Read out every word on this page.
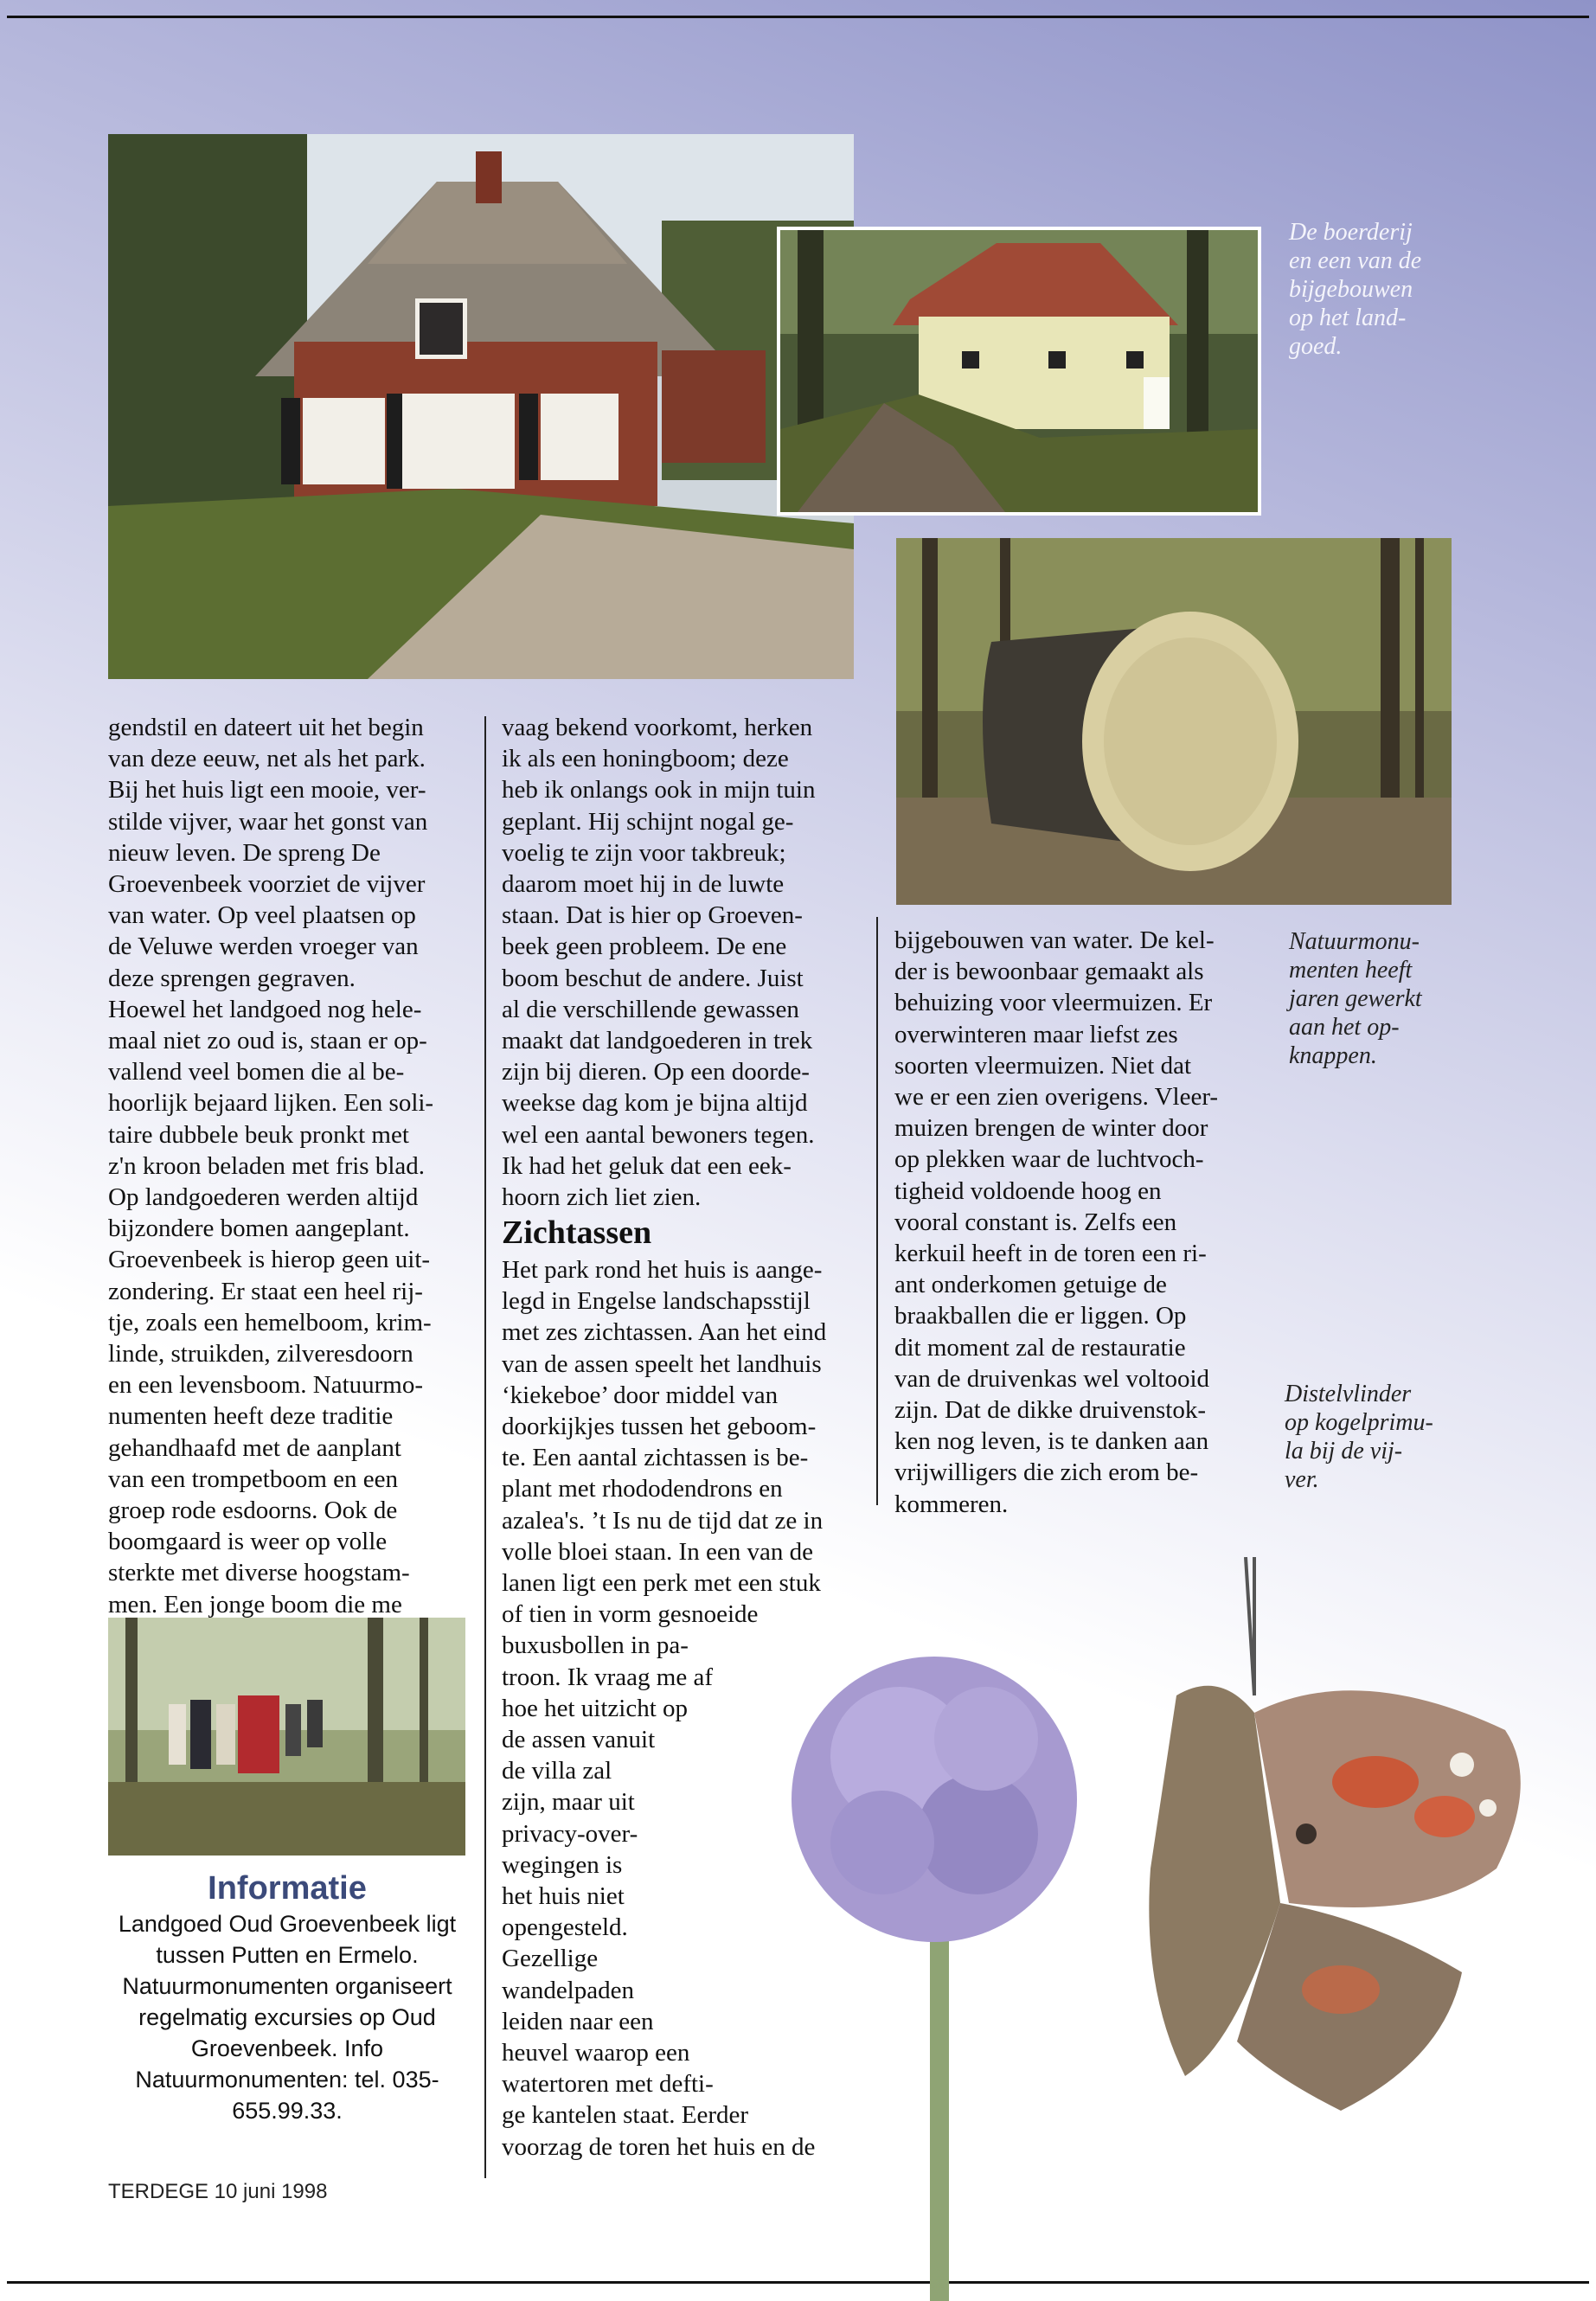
De boerderij
en een van de
bijgebouwen
op het land-
goed.
Natuurmonu-
menten heeft
jaren gewerkt
aan het op-
knappen.
Distelvlinder
op kogelprimu-
la bij de vij-
ver.
gendstil en dateert uit het begin
van deze eeuw, net als het park.
Bij het huis ligt een mooie, ver-
stilde vijver, waar het gonst van
nieuw leven. De spreng De
Groevenbeek voorziet de vijver
van water. Op veel plaatsen op
de Veluwe werden vroeger van
deze sprengen gegraven.
Hoewel het landgoed nog hele-
maal niet zo oud is, staan er op-
vallend veel bomen die al be-
hoorlijk bejaard lijken. Een soli-
taire dubbele beuk pronkt met
z'n kroon beladen met fris blad.
Op landgoederen werden altijd
bijzondere bomen aangeplant.
Groevenbeek is hierop geen uit-
zondering. Er staat een heel rij-
tje, zoals een hemelboom, krim-
linde, struikden, zilveresdoorn
en een levensboom. Natuurmo-
numenten heeft deze traditie
gehandhaafd met de aanplant
van een trompetboom en een
groep rode esdoorns. Ook de
boomgaard is weer op volle
sterkte met diverse hoogstam-
men. Een jonge boom die me
vaag bekend voorkomt, herken
ik als een honingboom; deze
heb ik onlangs ook in mijn tuin
geplant. Hij schijnt nogal ge-
voelig te zijn voor takbreuk;
daarom moet hij in de luwte
staan. Dat is hier op Groeven-
beek geen probleem. De ene
boom beschut de andere. Juist
al die verschillende gewassen
maakt dat landgoederen in trek
zijn bij dieren. Op een doorde-
weekse dag kom je bijna altijd
wel een aantal bewoners tegen.
Ik had het geluk dat een eek-
hoorn zich liet zien.
Zichtassen
Het park rond het huis is aange-
legd in Engelse landschapsstijl
met zes zichtassen. Aan het eind
van de assen speelt het landhuis
‘kiekeboe’ door middel van
doorkijkjes tussen het geboom-
te. Een aantal zichtassen is be-
plant met rhododendrons en
azalea's. ’t Is nu de tijd dat ze in
volle bloei staan. In een van de
lanen ligt een perk met een stuk
of tien in vorm gesnoeide
buxusbollen in pa-
troon. Ik vraag me af
hoe het uitzicht op
de assen vanuit
de villa zal
zijn, maar uit
privacy-over-
wegingen is
het huis niet
opengesteld.
Gezellige
wandelpaden
leiden naar een
heuvel waarop een
watertoren met defti-
ge kantelen staat. Eerder
voorzag de toren het huis en de
bijgebouwen van water. De kel-
der is bewoonbaar gemaakt als
behuizing voor vleermuizen. Er
overwinteren maar liefst zes
soorten vleermuizen. Niet dat
we er een zien overigens. Vleer-
muizen brengen de winter door
op plekken waar de luchtvoch-
tigheid voldoende hoog en
vooral constant is. Zelfs een
kerkuil heeft in de toren een ri-
ant onderkomen getuige de
braakballen die er liggen. Op
dit moment zal de restauratie
van de druivenkas wel voltooid
zijn. Dat de dikke druivenstok-
ken nog leven, is te danken aan
vrijwilligers die zich erom be-
kommeren.
Informatie
Landgoed Oud Groevenbeek ligt
tussen Putten en Ermelo.
Natuurmonumenten organiseert
regelmatig excursies op Oud
Groevenbeek. Info
Natuurmonumenten: tel. 035-
655.99.33.
TERDEGE 10 juni 1998
